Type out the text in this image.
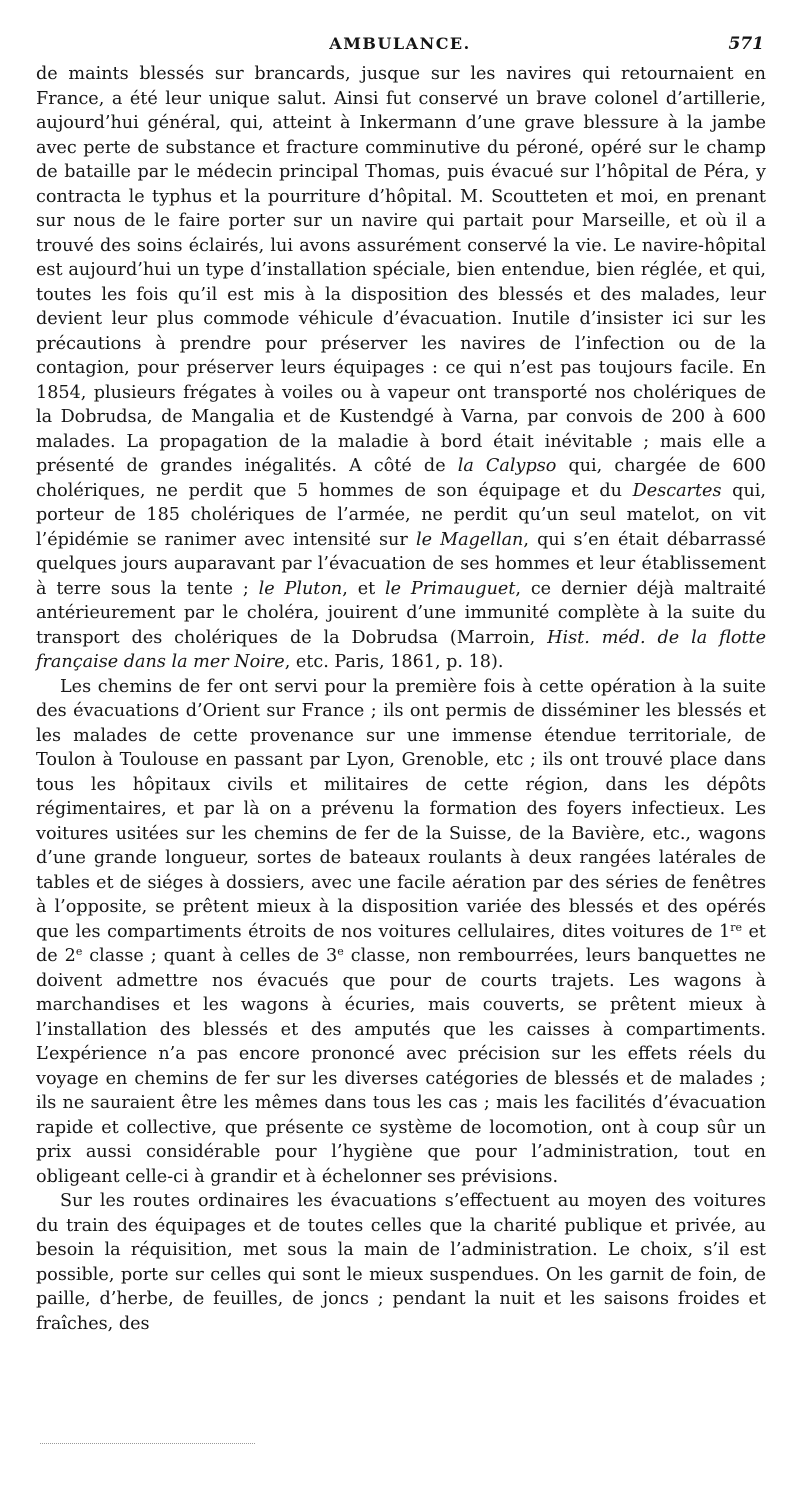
AMBULANCE.	571

de maints blessés sur brancards, jusque sur les navires qui retournaient en France, a été leur unique salut. Ainsi fut conservé un brave colonel d’artillerie, aujourd’hui général, qui, atteint à Inkermann d’une grave blessure à la jambe avec perte de substance et fracture comminutive du péroné, opéré sur le champ de bataille par le médecin principal Thomas, puis évacué sur l’hôpital de Péra, y contracta le typhus et la pourriture d’hôpital. M. Scoutteten et moi, en prenant sur nous de le faire porter sur un navire qui partait pour Marseille, et où il a trouvé des soins éclairés, lui avons assurément conservé la vie. Le navire-hôpital est aujourd’hui un type d’installation spéciale, bien entendue, bien réglée, et qui, toutes les fois qu’il est mis à la disposition des blessés et des malades, leur devient leur plus commode véhicule d’évacuation. Inutile d’insister ici sur les précautions à prendre pour préserver les navires de l’infection ou de la contagion, pour préserver leurs équipages : ce qui n’est pas toujours facile. En 1854, plusieurs frégates à voiles ou à vapeur ont transporté nos cholériques de la Dobrudsa, de Mangalia et de Kustendgé à Varna, par convois de 200 à 600 malades. La propagation de la maladie à bord était inévitable ; mais elle a présenté de grandes inégalités. A côté de la Calypso qui, chargée de 600 cholériques, ne perdit que 5 hommes de son équipage et du Descartes qui, porteur de 185 cholériques de l’armée, ne perdit qu’un seul matelot, on vit l’épidémie se ranimer avec intensité sur le Magellan, qui s’en était débarrassé quelques jours auparavant par l’évacuation de ses hommes et leur établissement à terre sous la tente ; le Pluton, et le Primauguet, ce dernier déjà maltraité antérieurement par le choléra, jouirent d’une immunité complète à la suite du transport des cholériques de la Dobrudsa (Marroin, Hist. méd. de la flotte française dans la mer Noire, etc. Paris, 1861, p. 18).

Les chemins de fer ont servi pour la première fois à cette opération à la suite des évacuations d’Orient sur France ; ils ont permis de disséminer les blessés et les malades de cette provenance sur une immense étendue territoriale, de Toulon à Toulouse en passant par Lyon, Grenoble, etc ; ils ont trouvé place dans tous les hôpitaux civils et militaires de cette région, dans les dépôts régimentaires, et par là on a prévenu la formation des foyers infectieux. Les voitures usitées sur les chemins de fer de la Suisse, de la Bavière, etc., wagons d’une grande longueur, sortes de bateaux roulants à deux rangées latérales de tables et de siéges à dossiers, avec une facile aération par des séries de fenêtres à l’opposite, se prêtent mieux à la disposition variée des blessés et des opérés que les compartiments étroits de nos voitures cellulaires, dites voitures de 1re et de 2e classe ; quant à celles de 3e classe, non rembourrées, leurs banquettes ne doivent admettre nos évacués que pour de courts trajets. Les wagons à marchandises et les wagons à écuries, mais couverts, se prêtent mieux à l’installation des blessés et des amputés que les caisses à compartiments. L’expérience n’a pas encore prononcé avec précision sur les effets réels du voyage en chemins de fer sur les diverses catégories de blessés et de malades ; ils ne sauraient être les mêmes dans tous les cas ; mais les facilités d’évacuation rapide et collective, que présente ce système de locomotion, ont à coup sûr un prix aussi considérable pour l’hygiène que pour l’administration, tout en obligeant celle-ci à grandir et à échelonner ses prévisions.

Sur les routes ordinaires les évacuations s’effectuent au moyen des voitures du train des équipages et de toutes celles que la charité publique et privée, au besoin la réquisition, met sous la main de l’administration. Le choix, s’il est possible, porte sur celles qui sont le mieux suspendues. On les garnit de foin, de paille, d’herbe, de feuilles, de joncs ; pendant la nuit et les saisons froides et fraîches, des
